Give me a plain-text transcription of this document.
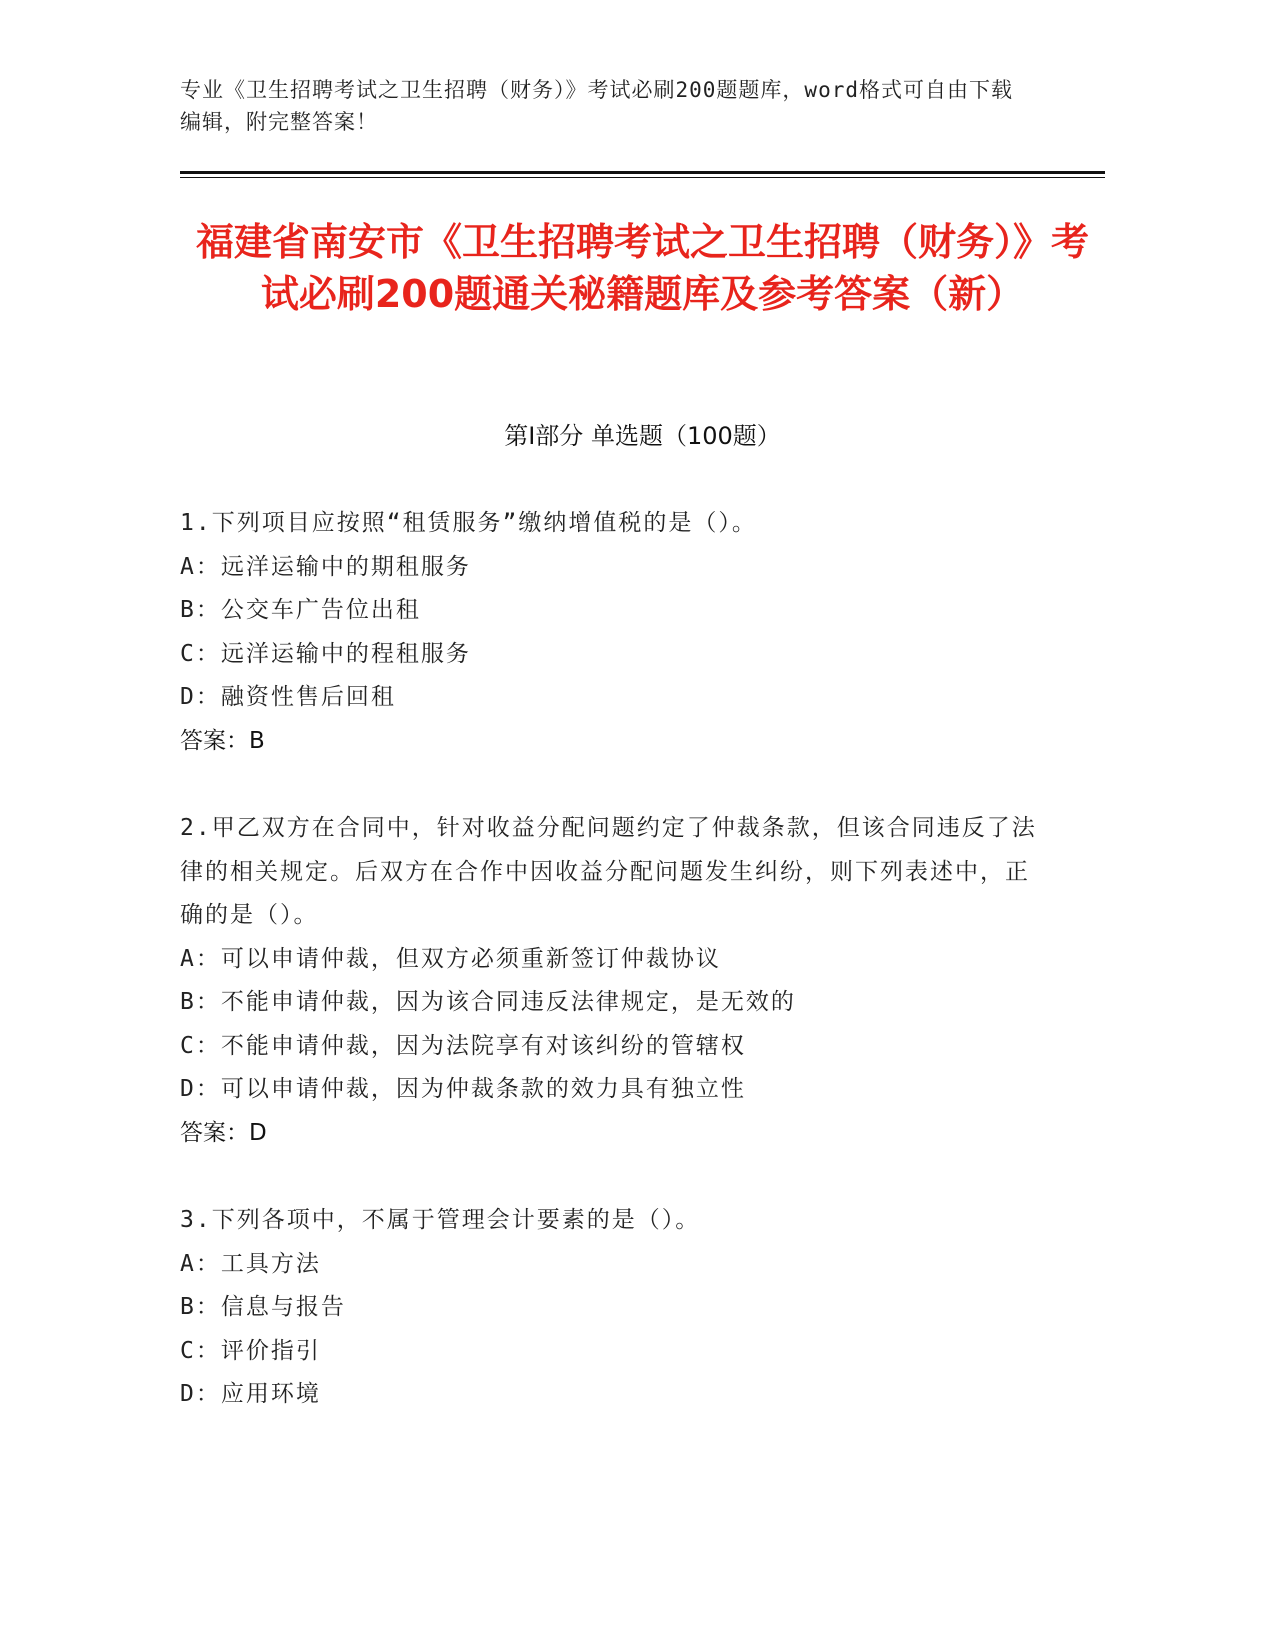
专业《卫生招聘考试之卫生招聘（财务）》考试必刷200题题库，word格式可自由下载编辑，附完整答案！
福建省南安市《卫生招聘考试之卫生招聘（财务）》考试必刷200题通关秘籍题库及参考答案（新）
第Ⅰ部分 单选题（100题）
1.下列项目应按照“租赁服务”缴纳增值税的是（）。
A：远洋运输中的期租服务
B：公交车广告位出租
C：远洋运输中的程租服务
D：融资性售后回租
答案：B
2.甲乙双方在合同中，针对收益分配问题约定了仲裁条款，但该合同违反了法律的相关规定。后双方在合作中因收益分配问题发生纠纷，则下列表述中，正确的是（）。
A：可以申请仲裁，但双方必须重新签订仲裁协议
B：不能申请仲裁，因为该合同违反法律规定，是无效的
C：不能申请仲裁，因为法院享有对该纠纷的管辖权
D：可以申请仲裁，因为仲裁条款的效力具有独立性
答案：D
3.下列各项中，不属于管理会计要素的是（）。
A：工具方法
B：信息与报告
C：评价指引
D：应用环境
